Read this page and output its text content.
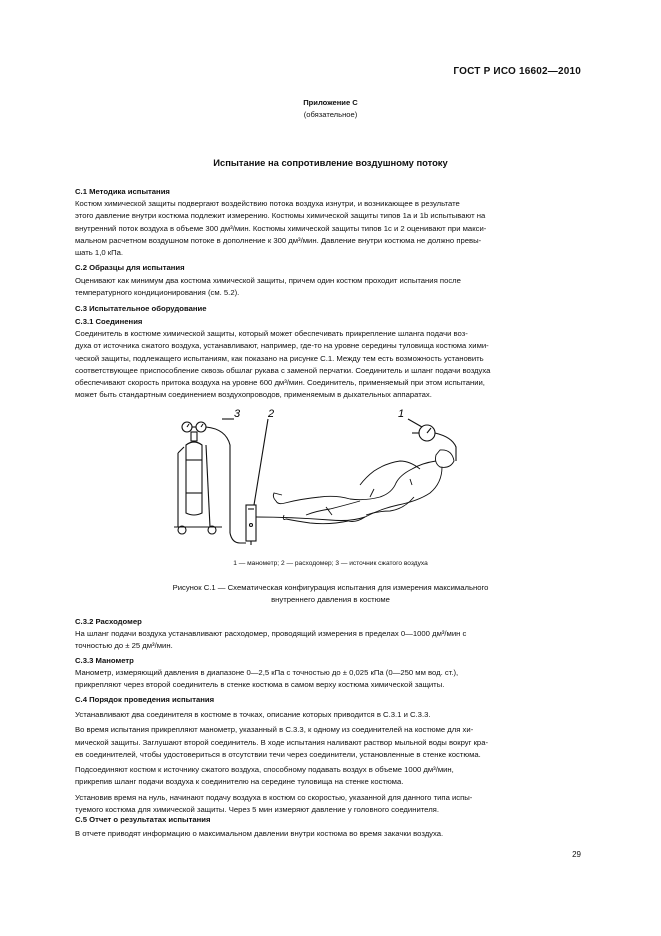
ГОСТ Р ИСО 16602—2010
Приложение С
(обязательное)
Испытание на сопротивление воздушному потоку
С.1 Методика испытания

Костюм химической защиты подвергают воздействию потока воздуха изнутри, и возникающее в результате

этого давление внутри костюма подлежит измерению. Костюмы химической защиты типов 1а и 1b испытывают на

внутренний поток воздуха в объеме 300 дм³/мин. Костюмы химической защиты типов 1с и 2 оценивают при макси-

мальном расчетном воздушном потоке в дополнение к 300 дм³/мин. Давление внутри костюма не должно превы-

шать 1,0 кПа.

С.2 Образцы для испытания

Оценивают как минимум два костюма химической защиты, причем один костюм проходит испытания после

температурного кондиционирования (см. 5.2).

С.3 Испытательное оборудование
С.3.1 Соединения

Соединитель в костюме химической защиты, который может обеспечивать прикрепление шланга подачи воз-

духа от источника сжатого воздуха, устанавливают, например, где-то на уровне середины туловища костюма хими-

ческой защиты, подлежащего испытаниям, как показано на рисунке С.1. Между тем есть возможность установить

соответствующее приспособление сквозь обшлаг рукава с заменой перчатки. Соединитель и шланг подачи воздуха

обеспечивают скорость притока воздуха на уровне 600 дм³/мин. Соединитель, применяемый при этом испытании,

может быть стандартным соединением воздухопроводов, применяемым в дыхательных аппаратах.

3	2	1
1 — манометр; 2 — расходомер; 3 — источник сжатого воздуха
Рисунок С.1 — Схематическая конфигурация испытания для измерения максимального
внутреннего давления в костюме
С.3.2 Расходомер

На шланг подачи воздуха устанавливают расходомер, проводящий измерения в пределах 0—1000 дм³/мин с

точностью до ± 25 дм³/мин.

С.3.3 Манометр

Манометр, измеряющий давления в диапазоне 0—2,5 кПа с точностью до ± 0,025 кПа (0—250 мм вод. ст.),

прикрепляют через второй соединитель в стенке костюма в самом верху костюма химической защиты.

С.4 Порядок проведения испытания

Устанавливают два соединителя в костюме в точках, описание которых приводится в С.3.1 и С.3.3.

Во время испытания прикрепляют манометр, указанный в С.3.3, к одному из соединителей на костюме для хи-

мической защиты. Заглушают второй соединитель. В ходе испытания наливают раствор мыльной воды вокруг кра-

ев соединителей, чтобы удостовериться в отсутствии течи через соединители, установленные в стенке костюма.

Подсоединяют костюм к источнику сжатого воздуха, способному подавать воздух в объеме 1000 дм³/мин,

прикрепив шланг подачи воздуха к соединителю на середине туловища на стенке костюма.

Установив время на нуль, начинают подачу воздуха в костюм со скоростью, указанной для данного типа испы-

туемого костюма для химической защиты. Через 5 мин измеряют давление у головного соединителя.

С.5 Отчет о результатах испытания

В отчете приводят информацию о максимальном давлении внутри костюма во время закачки воздуха.

29
